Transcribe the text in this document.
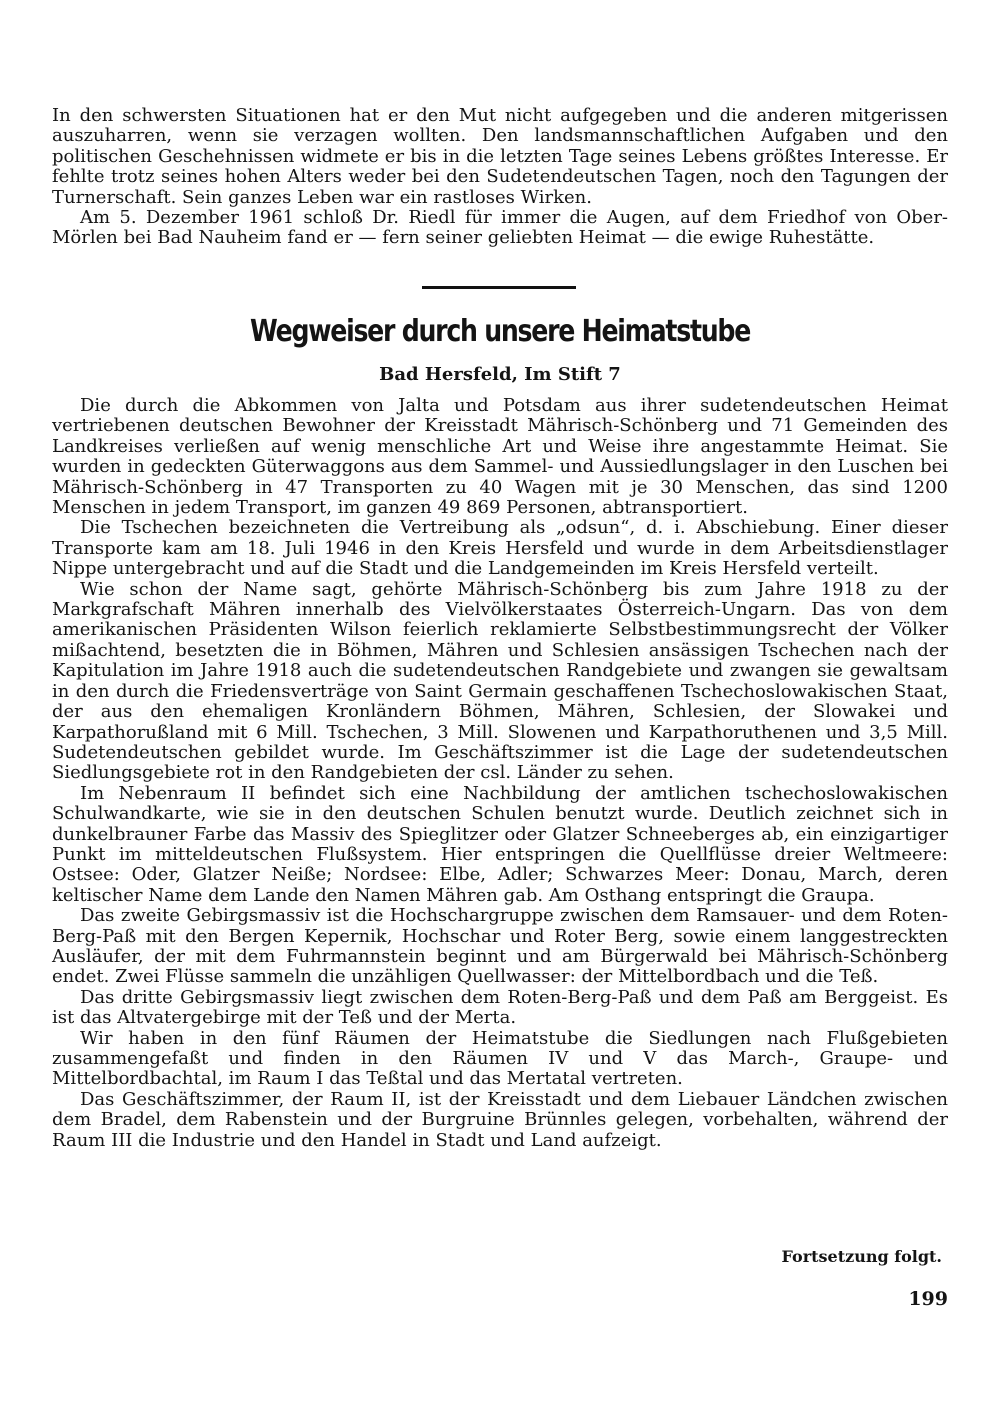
In den schwersten Situationen hat er den Mut nicht aufgegeben und die anderen mitgerissen auszuharren, wenn sie verzagen wollten. Den landsmannschaftlichen Aufgaben und den politischen Geschehnissen widmete er bis in die letzten Tage seines Lebens größtes Interesse. Er fehlte trotz seines hohen Alters weder bei den Sudetendeutschen Tagen, noch den Tagungen der Turnerschaft. Sein ganzes Leben war ein rastloses Wirken.

Am 5. Dezember 1961 schloß Dr. Riedl für immer die Augen, auf dem Friedhof von Ober-Mörlen bei Bad Nauheim fand er — fern seiner geliebten Heimat — die ewige Ruhestätte.

Wegweiser durch unsere Heimatstube
Bad Hersfeld, Im Stift 7

Die durch die Abkommen von Jalta und Potsdam aus ihrer sudetendeutschen Heimat vertriebenen deutschen Bewohner der Kreisstadt Mährisch-Schönberg und 71 Gemeinden des Landkreises verließen auf wenig menschliche Art und Weise ihre angestammte Heimat. Sie wurden in gedeckten Güterwaggons aus dem Sammel- und Aussiedlungslager in den Luschen bei Mährisch-Schönberg in 47 Transporten zu 40 Wagen mit je 30 Menschen, das sind 1200 Menschen in jedem Transport, im ganzen 49 869 Personen, abtransportiert.

Die Tschechen bezeichneten die Vertreibung als „odsun“, d. i. Abschiebung. Einer dieser Transporte kam am 18. Juli 1946 in den Kreis Hersfeld und wurde in dem Arbeitsdienstlager Nippe untergebracht und auf die Stadt und die Landgemeinden im Kreis Hersfeld verteilt.

Wie schon der Name sagt, gehörte Mährisch-Schönberg bis zum Jahre 1918 zu der Markgrafschaft Mähren innerhalb des Vielvölkerstaates Österreich-Ungarn. Das von dem amerikanischen Präsidenten Wilson feierlich reklamierte Selbstbestimmungsrecht der Völker mißachtend, besetzten die in Böhmen, Mähren und Schlesien ansässigen Tschechen nach der Kapitulation im Jahre 1918 auch die sudetendeutschen Randgebiete und zwangen sie gewaltsam in den durch die Friedensverträge von Saint Germain geschaffenen Tschechoslowakischen Staat, der aus den ehemaligen Kronländern Böhmen, Mähren, Schlesien, der Slowakei und Karpathorußland mit 6 Mill. Tschechen, 3 Mill. Slowenen und Karpathoruthenen und 3,5 Mill. Sudetendeutschen gebildet wurde. Im Geschäftszimmer ist die Lage der sudetendeutschen Siedlungsgebiete rot in den Randgebieten der csl. Länder zu sehen.

Im Nebenraum II befindet sich eine Nachbildung der amtlichen tschechoslowakischen Schulwandkarte, wie sie in den deutschen Schulen benutzt wurde. Deutlich zeichnet sich in dunkelbrauner Farbe das Massiv des Spieglitzer oder Glatzer Schneeberges ab, ein einzigartiger Punkt im mitteldeutschen Flußsystem. Hier entspringen die Quellflüsse dreier Weltmeere: Ostsee: Oder, Glatzer Neiße; Nordsee: Elbe, Adler; Schwarzes Meer: Donau, March, deren keltischer Name dem Lande den Namen Mähren gab. Am Osthang entspringt die Graupa.

Das zweite Gebirgsmassiv ist die Hochschargruppe zwischen dem Ramsauer- und dem Roten-Berg-Paß mit den Bergen Kepernik, Hochschar und Roter Berg, sowie einem langgestreckten Ausläufer, der mit dem Fuhrmannstein beginnt und am Bürgerwald bei Mährisch-Schönberg endet. Zwei Flüsse sammeln die unzähligen Quellwasser: der Mittelbordbach und die Teß.

Das dritte Gebirgsmassiv liegt zwischen dem Roten-Berg-Paß und dem Paß am Berggeist. Es ist das Altvatergebirge mit der Teß und der Merta.

Wir haben in den fünf Räumen der Heimatstube die Siedlungen nach Flußgebieten zusammengefaßt und finden in den Räumen IV und V das March-, Graupe- und Mittelbordbachtal, im Raum I das Teßtal und das Mertatal vertreten.

Das Geschäftszimmer, der Raum II, ist der Kreisstadt und dem Liebauer Ländchen zwischen dem Bradel, dem Rabenstein und der Burgruine Brünnles gelegen, vorbehalten, während der Raum III die Industrie und den Handel in Stadt und Land aufzeigt.

Fortsetzung folgt.

199
